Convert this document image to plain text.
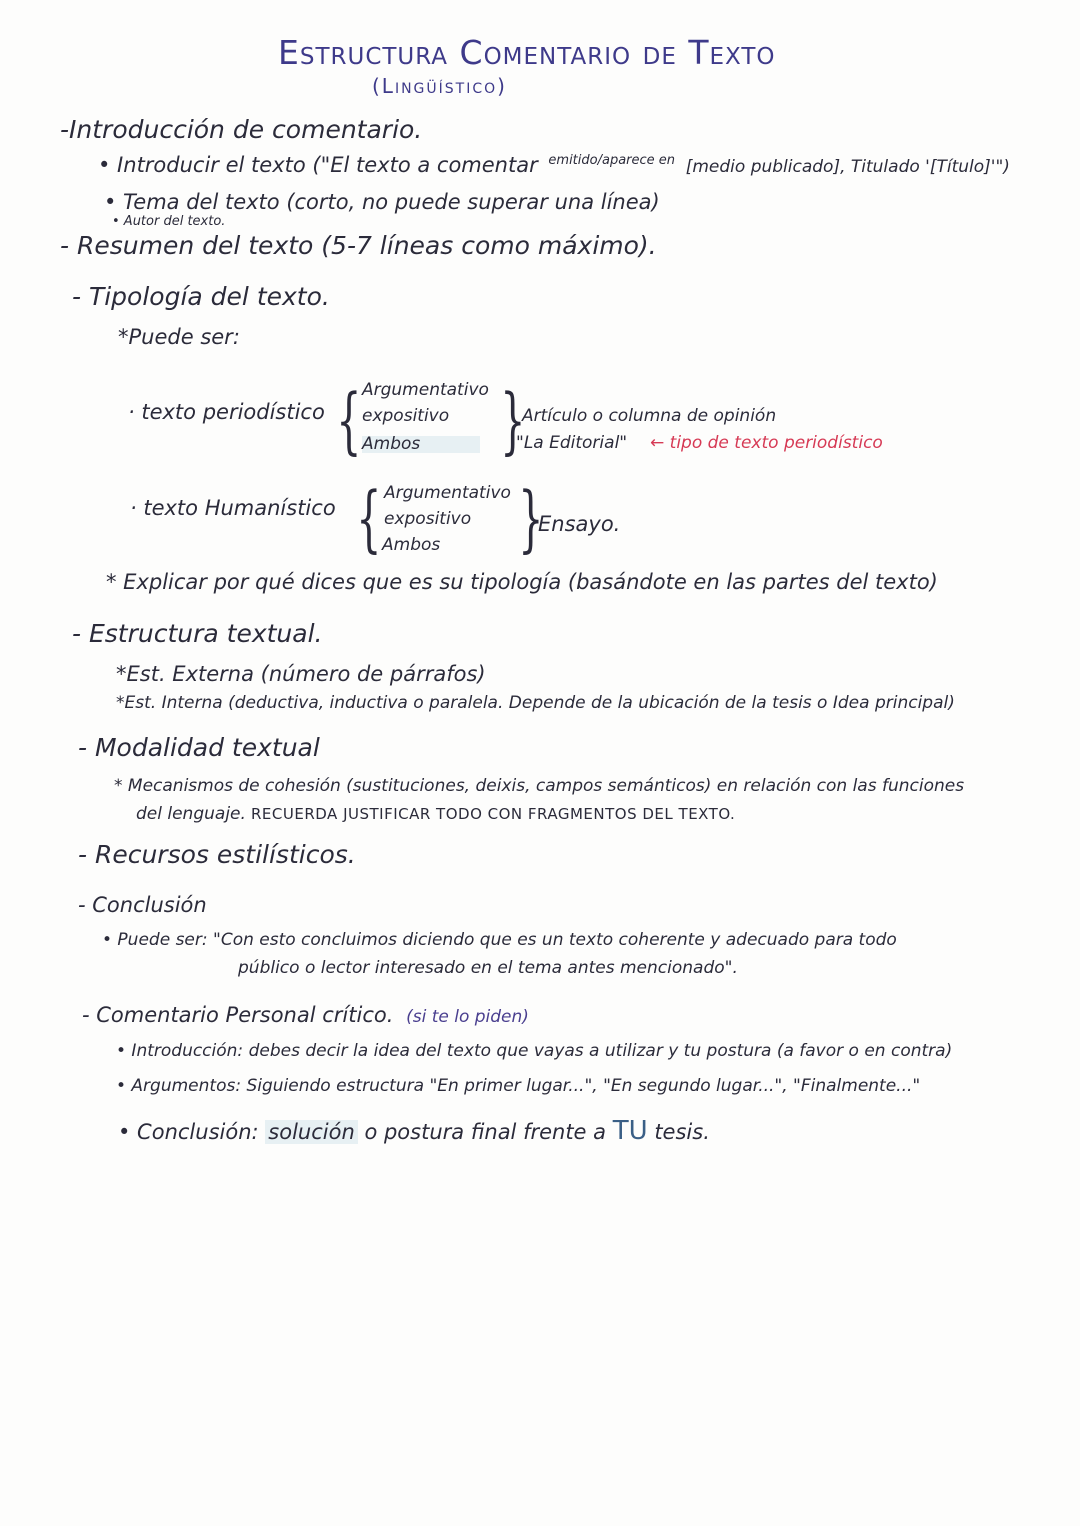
Estructura Comentario de Texto
(Lingüístico)
-Introducción de comentario.
• Introducir el texto ("El texto a comentar $^{emitido/aparece en}$ [medio publicado], Titulado '[Título]'")
• Tema del texto (corto, no puede superar una línea)
• Autor del texto.
- Resumen del texto (5-7 líneas como máximo).
- Tipología del texto.
*Puede ser:
· texto periodístico { Argumentativo
expositivo
Ambos	}
Artículo o columna de opinión
"La Editorial" ← tipo de texto periodístico
· texto Humanístico { Argumentativo
expositivo
Ambos }
Ensayo.
* Explicar por qué dices que es su tipología (basándote en las partes del texto)
- Estructura textual.
*Est. Externa (número de párrafos)
*Est. Interna (deductiva, inductiva o paralela. Depende de la ubicación de la tesis o Idea principal)
- Modalidad textual
* Mecanismos de cohesión (sustituciones, deixis, campos semánticos) en relación con las funciones
del lenguaje. RECUERDA JUSTIFICAR TODO CON FRAGMENTOS DEL TEXTO.
- Recursos estilísticos.
- Conclusión
• Puede ser: "Con esto concluimos diciendo que es un texto coherente y adecuado para todo
público o lector interesado en el tema antes mencionado".
- Comentario Personal crítico. (si te lo piden)
• Introducción: debes decir la idea del texto que vayas a utilizar y tu postura (a favor o en contra)
• Argumentos: Siguiendo estructura "En primer lugar...", "En segundo lugar...", "Finalmente..."
• Conclusión: solución o postura final frente a TU tesis.
